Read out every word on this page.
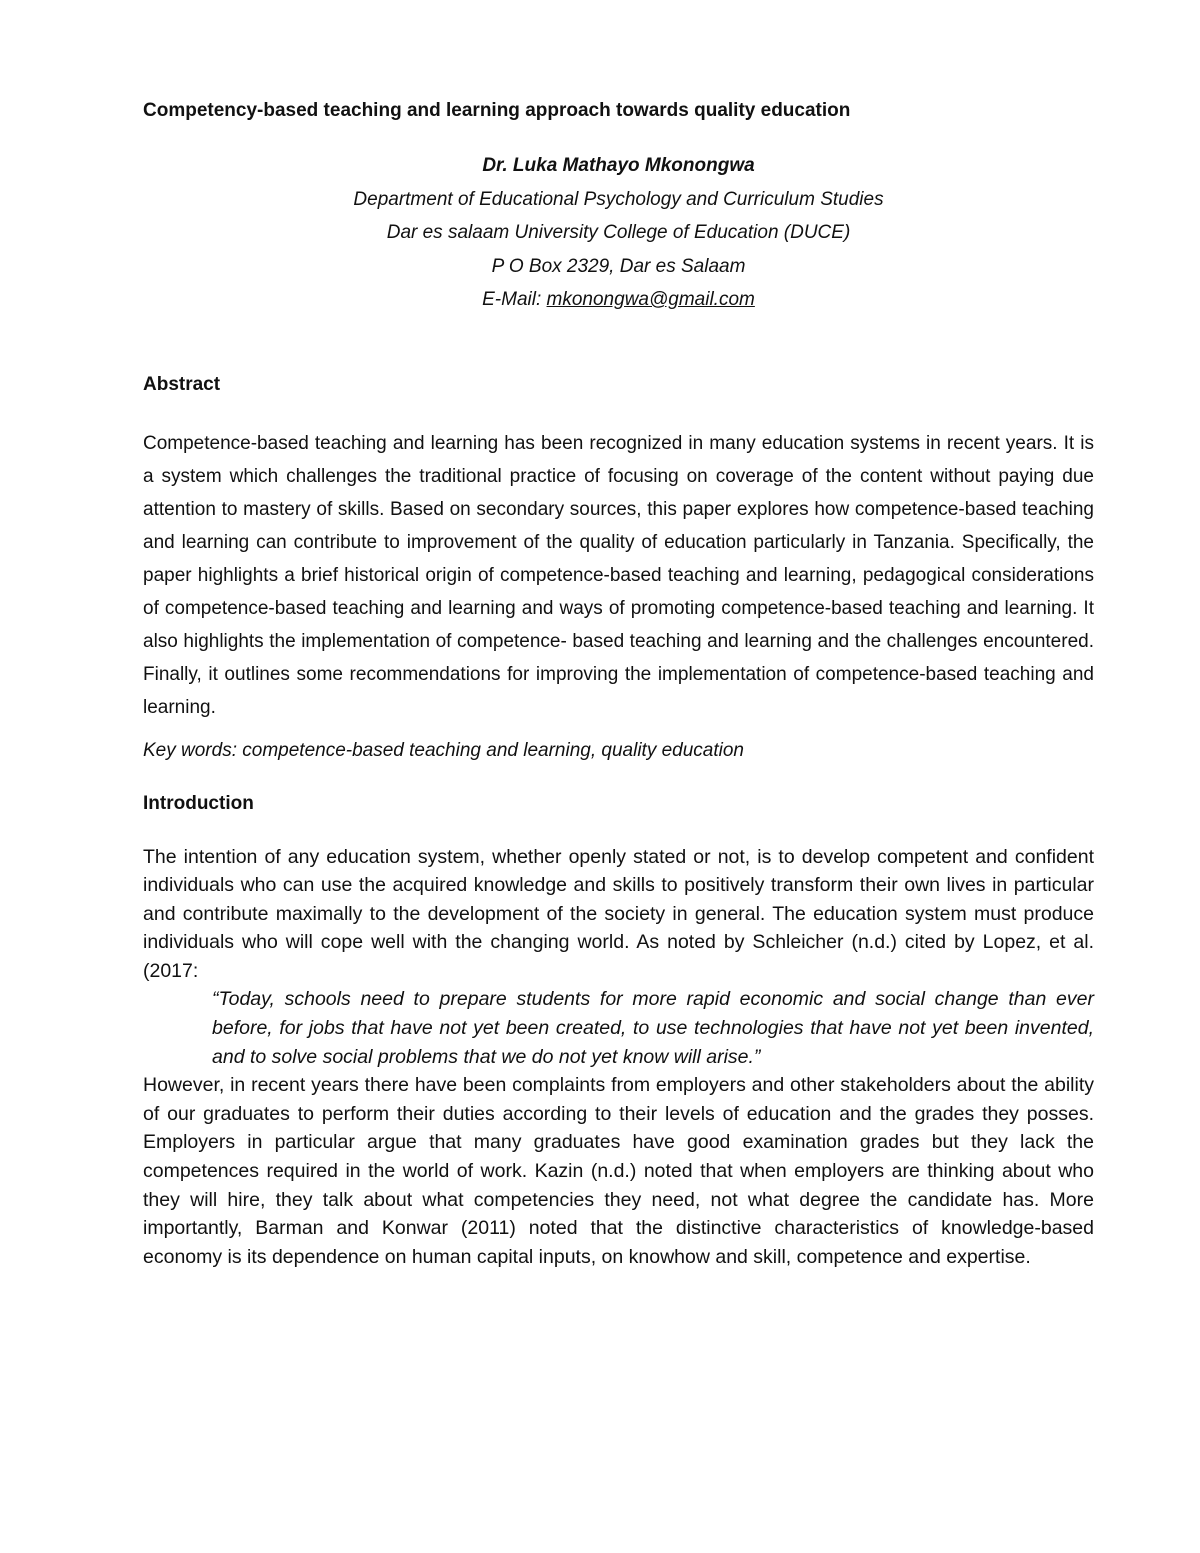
Competency-based teaching and learning approach towards quality education
Dr. Luka Mathayo Mkonongwa
Department of Educational Psychology and Curriculum Studies
Dar es salaam University College of Education (DUCE)
P O Box 2329, Dar es Salaam
E-Mail: mkonongwa@gmail.com
Abstract
Competence-based teaching and learning has been recognized in many education systems in recent years. It is a system which challenges the traditional practice of focusing on coverage of the content without paying due attention to mastery of skills. Based on secondary sources, this paper explores how competence-based teaching and learning can contribute to improvement of the quality of education particularly in Tanzania. Specifically, the paper highlights a brief historical origin of competence-based teaching and learning, pedagogical considerations of competence-based teaching and learning and ways of promoting competence-based teaching and learning. It also highlights the implementation of competence- based teaching and learning and the challenges encountered. Finally, it outlines some recommendations for improving the implementation of competence-based teaching and learning.
Key words: competence-based teaching and learning, quality education
Introduction
The intention of any education system, whether openly stated or not, is to develop competent and confident individuals who can use the acquired knowledge and skills to positively transform their own lives in particular and contribute maximally to the development of the society in general. The education system must produce individuals who will cope well with the changing world. As noted by Schleicher (n.d.) cited by Lopez, et al. (2017:
“Today, schools need to prepare students for more rapid economic and social change than ever before, for jobs that have not yet been created, to use technologies that have not yet been invented, and to solve social problems that we do not yet know will arise.”
However, in recent years there have been complaints from employers and other stakeholders about the ability of our graduates to perform their duties according to their levels of education and the grades they posses. Employers in particular argue that many graduates have good examination grades but they lack the competences required in the world of work. Kazin (n.d.) noted that when employers are thinking about who they will hire, they talk about what competencies they need, not what degree the candidate has. More importantly, Barman and Konwar (2011) noted that the distinctive characteristics of knowledge-based economy is its dependence on human capital inputs, on knowhow and skill, competence and expertise.
